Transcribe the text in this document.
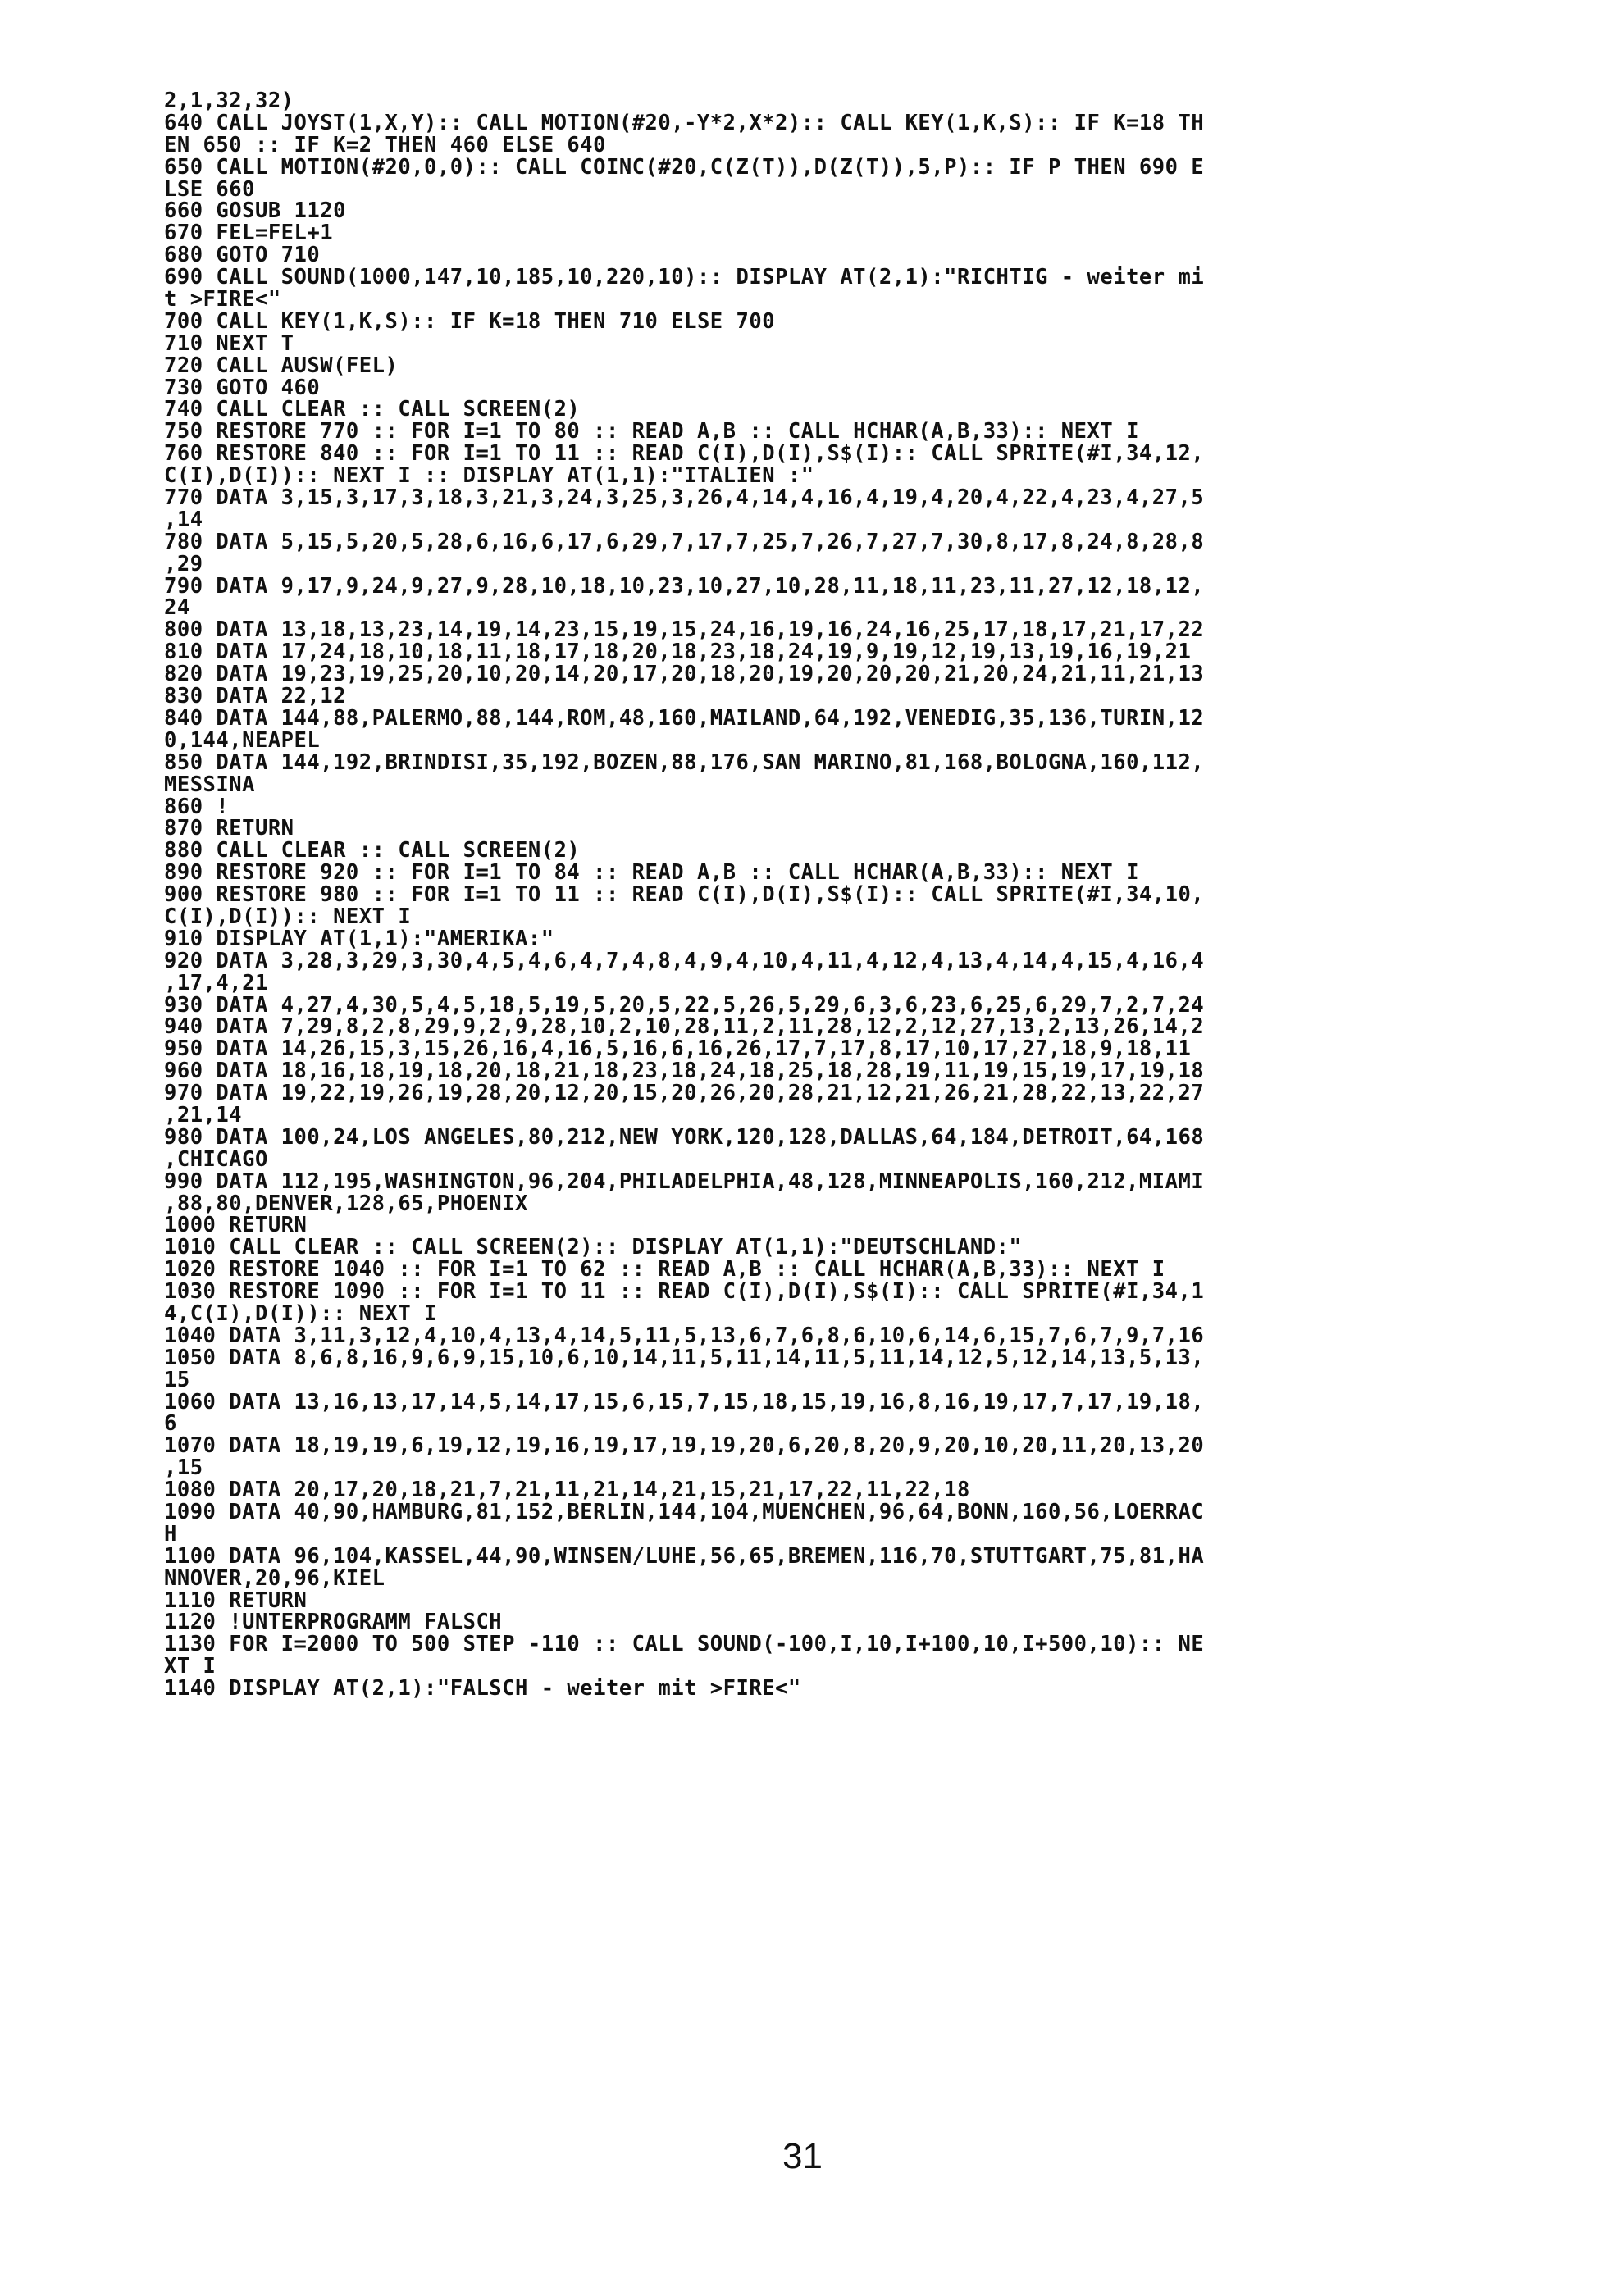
2,1,32,32)
640 CALL JOYST(1,X,Y):: CALL MOTION(#20,-Y*2,X*2):: CALL KEY(1,K,S):: IF K=18 TH
EN 650 :: IF K=2 THEN 460 ELSE 640
650 CALL MOTION(#20,0,0):: CALL COINC(#20,C(Z(T)),D(Z(T)),5,P):: IF P THEN 690 E
LSE 660
660 GOSUB 1120
670 FEL=FEL+1
680 GOTO 710
690 CALL SOUND(1000,147,10,185,10,220,10):: DISPLAY AT(2,1):"RICHTIG - weiter mi
t >FIRE<"
700 CALL KEY(1,K,S):: IF K=18 THEN 710 ELSE 700
710 NEXT T
720 CALL AUSW(FEL)
730 GOTO 460
740 CALL CLEAR :: CALL SCREEN(2)
750 RESTORE 770 :: FOR I=1 TO 80 :: READ A,B :: CALL HCHAR(A,B,33):: NEXT I
760 RESTORE 840 :: FOR I=1 TO 11 :: READ C(I),D(I),S$(I):: CALL SPRITE(#I,34,12,
C(I),D(I)):: NEXT I :: DISPLAY AT(1,1):"ITALIEN :"
770 DATA 3,15,3,17,3,18,3,21,3,24,3,25,3,26,4,14,4,16,4,19,4,20,4,22,4,23,4,27,5
,14
780 DATA 5,15,5,20,5,28,6,16,6,17,6,29,7,17,7,25,7,26,7,27,7,30,8,17,8,24,8,28,8
,29
790 DATA 9,17,9,24,9,27,9,28,10,18,10,23,10,27,10,28,11,18,11,23,11,27,12,18,12,
24
800 DATA 13,18,13,23,14,19,14,23,15,19,15,24,16,19,16,24,16,25,17,18,17,21,17,22
810 DATA 17,24,18,10,18,11,18,17,18,20,18,23,18,24,19,9,19,12,19,13,19,16,19,21
820 DATA 19,23,19,25,20,10,20,14,20,17,20,18,20,19,20,20,20,21,20,24,21,11,21,13
830 DATA 22,12
840 DATA 144,88,PALERMO,88,144,ROM,48,160,MAILAND,64,192,VENEDIG,35,136,TURIN,12
0,144,NEAPEL
850 DATA 144,192,BRINDISI,35,192,BOZEN,88,176,SAN MARINO,81,168,BOLOGNA,160,112,
MESSINA
860 !
870 RETURN
880 CALL CLEAR :: CALL SCREEN(2)
890 RESTORE 920 :: FOR I=1 TO 84 :: READ A,B :: CALL HCHAR(A,B,33):: NEXT I
900 RESTORE 980 :: FOR I=1 TO 11 :: READ C(I),D(I),S$(I):: CALL SPRITE(#I,34,10,
C(I),D(I)):: NEXT I
910 DISPLAY AT(1,1):"AMERIKA:"
920 DATA 3,28,3,29,3,30,4,5,4,6,4,7,4,8,4,9,4,10,4,11,4,12,4,13,4,14,4,15,4,16,4
,17,4,21
930 DATA 4,27,4,30,5,4,5,18,5,19,5,20,5,22,5,26,5,29,6,3,6,23,6,25,6,29,7,2,7,24
940 DATA 7,29,8,2,8,29,9,2,9,28,10,2,10,28,11,2,11,28,12,2,12,27,13,2,13,26,14,2
950 DATA 14,26,15,3,15,26,16,4,16,5,16,6,16,26,17,7,17,8,17,10,17,27,18,9,18,11
960 DATA 18,16,18,19,18,20,18,21,18,23,18,24,18,25,18,28,19,11,19,15,19,17,19,18
970 DATA 19,22,19,26,19,28,20,12,20,15,20,26,20,28,21,12,21,26,21,28,22,13,22,27
,21,14
980 DATA 100,24,LOS ANGELES,80,212,NEW YORK,120,128,DALLAS,64,184,DETROIT,64,168
,CHICAGO
990 DATA 112,195,WASHINGTON,96,204,PHILADELPHIA,48,128,MINNEAPOLIS,160,212,MIAMI
,88,80,DENVER,128,65,PHOENIX
1000 RETURN
1010 CALL CLEAR :: CALL SCREEN(2):: DISPLAY AT(1,1):"DEUTSCHLAND:"
1020 RESTORE 1040 :: FOR I=1 TO 62 :: READ A,B :: CALL HCHAR(A,B,33):: NEXT I
1030 RESTORE 1090 :: FOR I=1 TO 11 :: READ C(I),D(I),S$(I):: CALL SPRITE(#I,34,1
4,C(I),D(I)):: NEXT I
1040 DATA 3,11,3,12,4,10,4,13,4,14,5,11,5,13,6,7,6,8,6,10,6,14,6,15,7,6,7,9,7,16
1050 DATA 8,6,8,16,9,6,9,15,10,6,10,14,11,5,11,14,11,5,11,14,12,5,12,14,13,5,13,
15
1060 DATA 13,16,13,17,14,5,14,17,15,6,15,7,15,18,15,19,16,8,16,19,17,7,17,19,18,
6
1070 DATA 18,19,19,6,19,12,19,16,19,17,19,19,20,6,20,8,20,9,20,10,20,11,20,13,20
,15
1080 DATA 20,17,20,18,21,7,21,11,21,14,21,15,21,17,22,11,22,18
1090 DATA 40,90,HAMBURG,81,152,BERLIN,144,104,MUENCHEN,96,64,BONN,160,56,LOERRAC
H
1100 DATA 96,104,KASSEL,44,90,WINSEN/LUHE,56,65,BREMEN,116,70,STUTTGART,75,81,HA
NNOVER,20,96,KIEL
1110 RETURN
1120 !UNTERPROGRAMM FALSCH
1130 FOR I=2000 TO 500 STEP -110 :: CALL SOUND(-100,I,10,I+100,10,I+500,10):: NE
XT I
1140 DISPLAY AT(2,1):"FALSCH - weiter mit >FIRE<"
31
